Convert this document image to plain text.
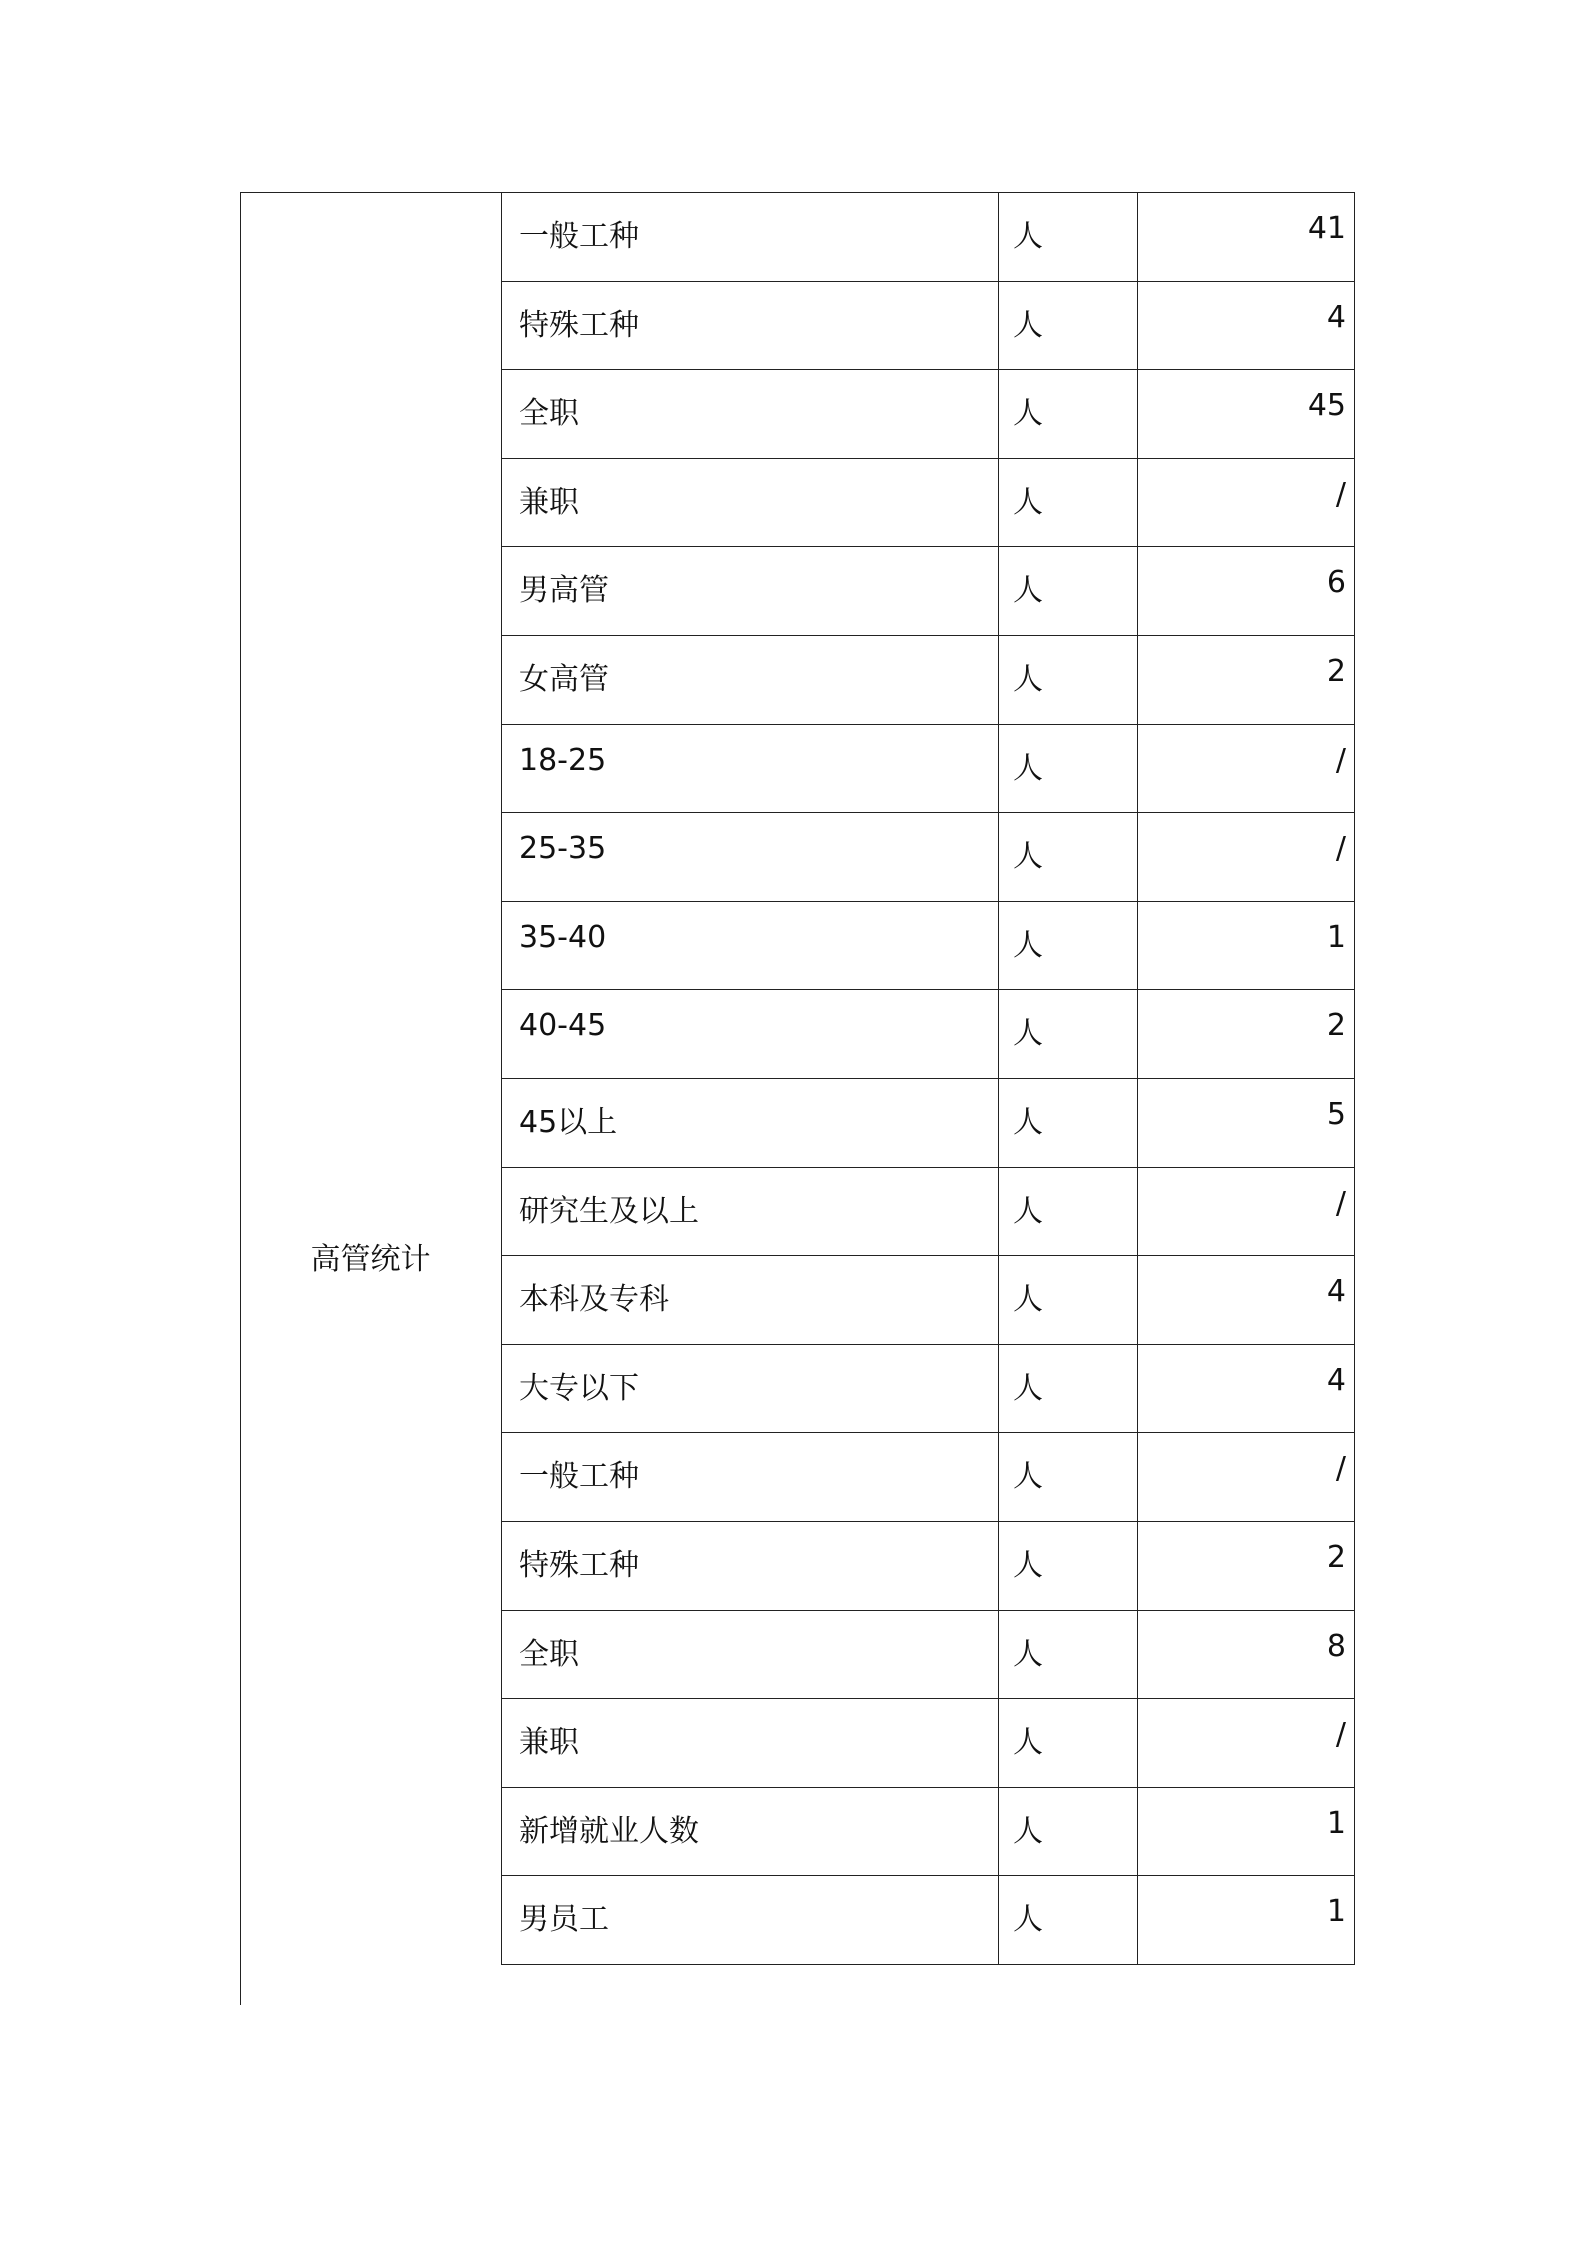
高管统计
一般工种	人	41
特殊工种	人	4
全职	人	45
兼职	人	/
男高管	人	6
女高管	人	2
18-25	人	/
25-35	人	/
35-40	人	1
40-45	人	2
45以上	人	5
研究生及以上	人	/
本科及专科	人	4
大专以下	人	4
一般工种	人	/
特殊工种	人	2
全职	人	8
兼职	人	/
新增就业人数	人	1
男员工	人	1
